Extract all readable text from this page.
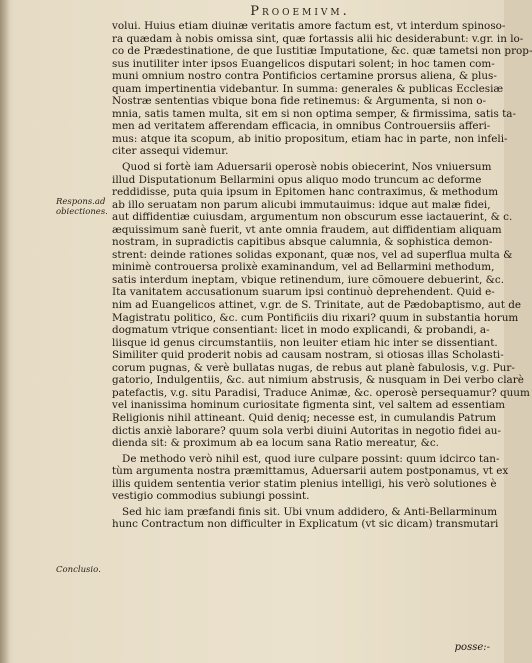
Prooemivm.
Respons.ad obiectiones.
Conclusio.
volui. Huius etiam diuinæ veritatis amore factum est, vt interdum spinoso-
ra quædam à nobis omissa sint, quæ fortassis alii hic desiderabunt: v.gr. in lo-
co de Prædestinatione, de que Iustitiæ Imputatione, &c. quæ tametsi non prор-
sus inutiliter inter ipsos Euangelicos disputari solent; in hoc tamen com-
muni omnium nostro contra Pontificios certamine prorsus aliena, & plus-
quam impertinentia videbantur. In summa: generales & publicas Ecclesiæ
Nostræ sententias vbique bona fide retinemus: & Argumenta, si non o-
mnia, satis tamen multa, sit em si non optima semper, & firmissima, satis ta-
men ad veritatem afferendam efficacia, in omnibus Controuersiis afferi-
mus: atque ita scopum, ab initio propositum, etiam hac in parte, non infeli-
citer assequi videmur.
Quod si fortè iam Aduersarii operosè nobis obiecerint, Nos vniuersum
illud Disputationum Bellarmini opus aliquo modo truncum ac deforme
reddidisse, puta quia ipsum in Epitomen hanc contraximus, & methodum
ab illo seruatam non parum alicubi immutauimus: idque aut malæ fidei,
aut diffidentiæ cuiusdam, argumentum non obscurum esse iactauerint, & c.
æquissimum sanè fuerit, vt ante omnia fraudem, aut diffidentiam aliquam
nostram, in supradictis capitibus absque calumnia, & sophistica demon-
strent: deinde rationes solidas exponant, quæ nos, vel ad superflua multa &
minimè controuersa prolixè examinandum, vel ad Bellarmini methodum,
satis interdum ineptam, vbique retinendum, iure cõmouere debuerint, &c.
Ita vanitatem accusationum suarum ipsi continuò deprehendent. Quid e-
nim ad Euangelicos attinet, v.gr. de S. Trinitate, aut de Pædobaptismo, aut de
Magistratu politico, &c. cum Pontificiis diu rixari? quum in substantia horum
dogmatum vtrique consentiant: licet in modo explicandi, & probandi, a-
liisque id genus circumstantiis, non leuiter etiam hic inter se dissentiant.
Similiter quid proderit nobis ad causam nostram, si otiosas illas Scholasti-
corum pugnas, & verè bullatas nugas, de rebus aut planè fabulosis, v.g. Pur-
gatorio, Indulgentiis, &c. aut nimium abstrusis, & nusquam in Dei verbo clarè
patefactis, v.g. situ Paradisi, Traduce Animæ, &c. operosè persequamur? quum
vel inanissima hominum curiositate figmenta sint, vel saltem ad essentiam
Religionis nihil attineant. Quid deniq; necesse est, in cumulandis Patrum
dictis anxiè laborare? quum sola verbi diuini Autoritas in negotio fidei au-
dienda sit: & proximum ab ea locum sana Ratio mereatur, &c.
De methodo verò nihil est, quod iure culpare possint: quum idcirco tan-
tùm argumenta nostra præmittamus, Aduersarii autem postponamus, vt ex
illis quidem sententia verior statim plenius intelligi, his verò solutiones è
vestigio commodius subiungi possint.
Sed hic iam præfandi finis sit. Ubi vnum addidero, & Anti-Bellarminum
hunc Contractum non difficulter in Explicatum (vt sic dicam) transmutari
posse:-
